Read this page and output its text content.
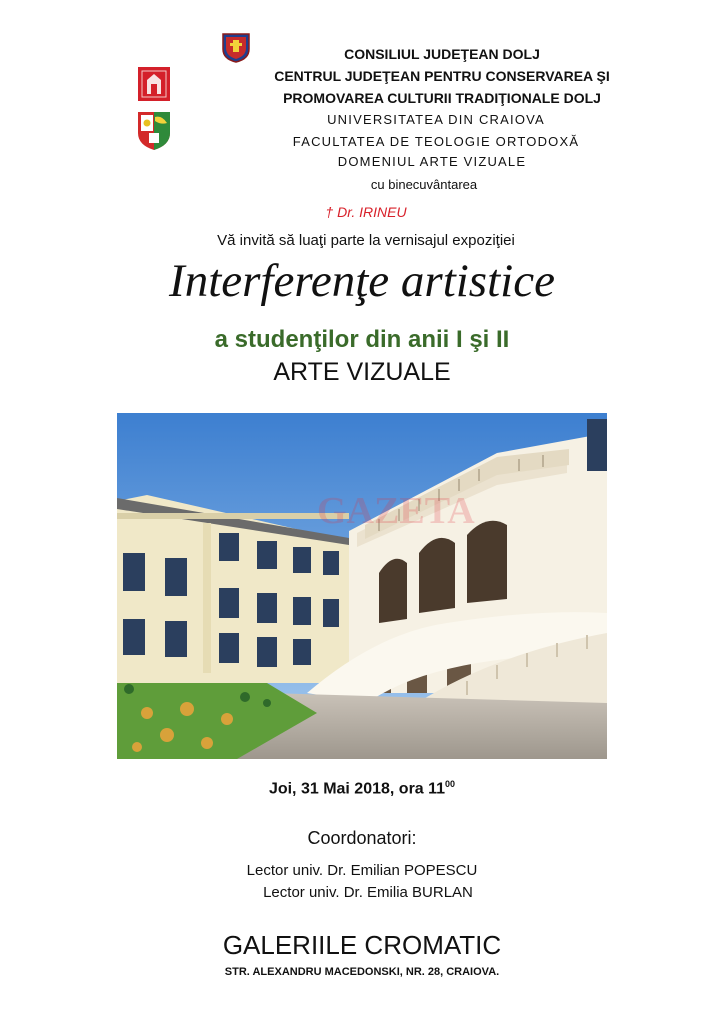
CONSILIUL JUDEŢEAN DOLJ
CENTRUL JUDEŢEAN PENTRU CONSERVAREA ŞI
PROMOVAREA CULTURII TRADIŢIONALE DOLJ
UNIVERSITATEA DIN CRAIOVA
FACULTATEA DE TEOLOGIE ORTODOXĂ
DOMENIUL ARTE VIZUALE
cu binecuvântarea
† Dr. IRINEU
Vă invită să luaţi parte la vernisajul expoziţiei
Interferenţe artistice
a studenţilor din anii I şi II
ARTE VIZUALE
GAZETA
Joi, 31 Mai 2018, ora $11^{00}$
Coordonatori:
Lector univ. Dr. Emilian POPESCU
Lector univ. Dr. Emilia BURLAN
GALERIILE CROMATIC
STR. ALEXANDRU MACEDONSKI, NR. 28, CRAIOVA.
